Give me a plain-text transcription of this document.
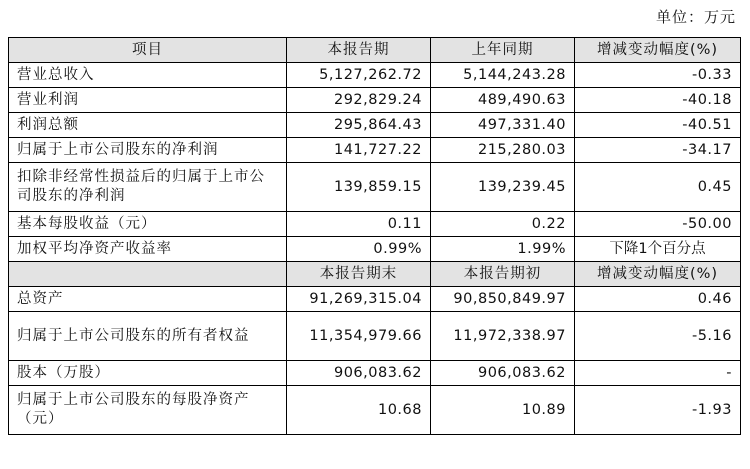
单位：万元
项目	本报告期	上年同期	增减变动幅度(%)
营业总收入	5,127,262.72	5,144,243.28	-0.33
营业利润	292,829.24	489,490.63	-40.18
利润总额	295,864.43	497,331.40	-40.51
归属于上市公司股东的净利润	141,727.22	215,280.03	-34.17
扣除非经常性损益后的归属于上市公司股东的净利润	139,859.15	139,239.45	0.45
基本每股收益（元）	0.11	0.22	-50.00
加权平均净资产收益率	0.99%	1.99%	下降1个百分点
	本报告期末	本报告期初	增减变动幅度(%)
总资产	91,269,315.04	90,850,849.97	0.46
归属于上市公司股东的所有者权益	11,354,979.66	11,972,338.97	-5.16
股本（万股）	906,083.62	906,083.62	-
归属于上市公司股东的每股净资产（元）	10.68	10.89	-1.93
